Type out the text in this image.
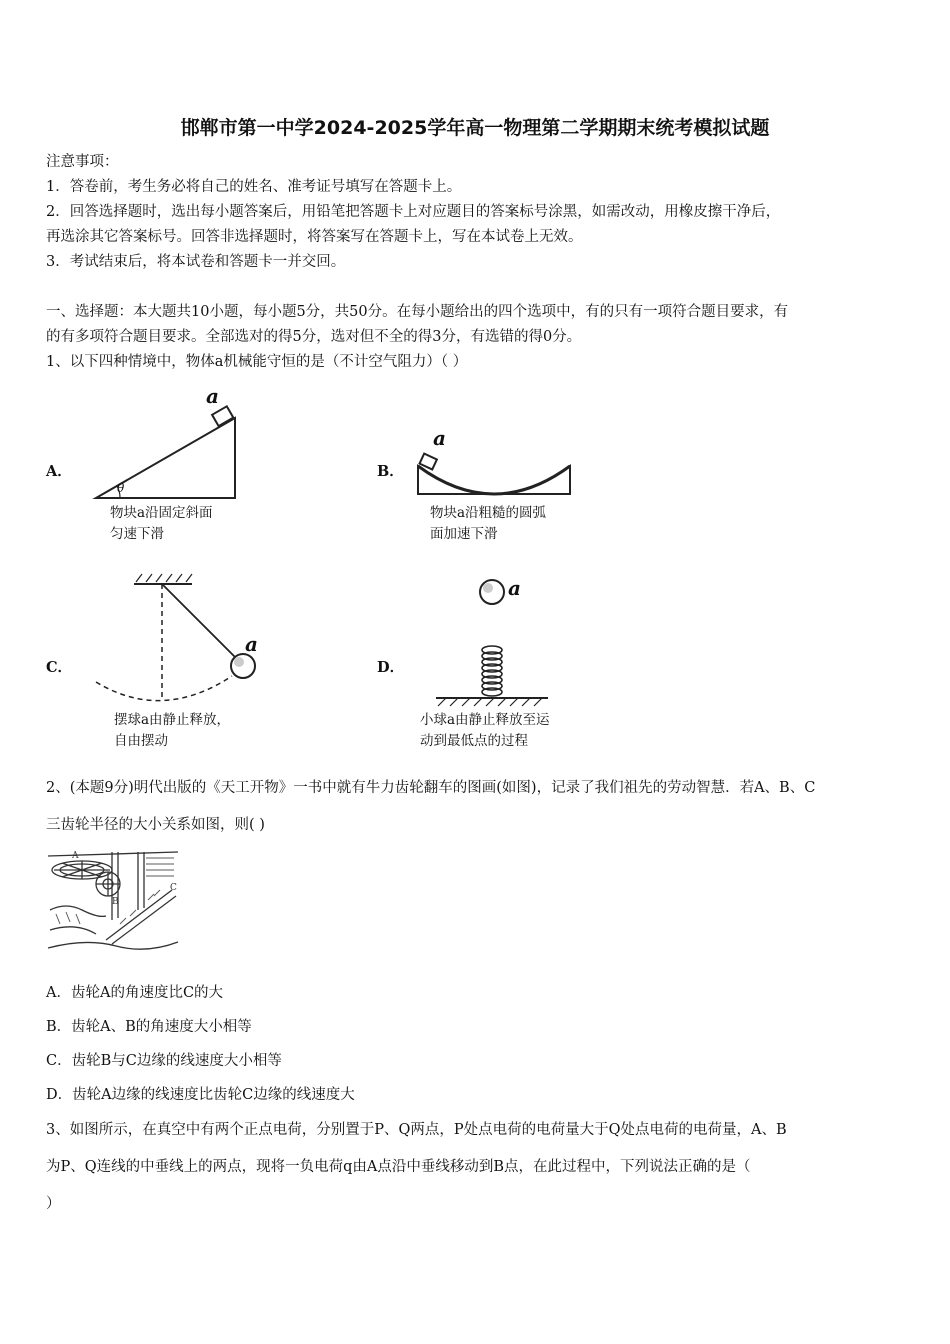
邯郸市第一中学2024-2025学年高一物理第二学期期末统考模拟试题
注意事项：
1．答卷前，考生务必将自己的姓名、准考证号填写在答题卡上。
2．回答选择题时，选出每小题答案后，用铅笔把答题卡上对应题目的答案标号涂黑，如需改动，用橡皮擦干净后，
再选涂其它答案标号。回答非选择题时，将答案写在答题卡上，写在本试卷上无效。
3．考试结束后，将本试卷和答题卡一并交回。
一、选择题：本大题共10小题，每小题5分，共50分。在每小题给出的四个选项中，有的只有一项符合题目要求，有
的有多项符合题目要求。全部选对的得5分，选对但不全的得3分，有选错的得0分。
1、以下四种情境中，物体a机械能守恒的是（不计空气阻力）（ ）
A．
θ
a
物块a沿固定斜面
匀速下滑
B．
a
物块a沿粗糙的圆弧
面加速下滑
C．
a
摆球a由静止释放，
自由摆动
D．
a
小球a由静止释放至运
动到最低点的过程
2、(本题9分)明代出版的《天工开物》一书中就有牛力齿轮翻车的图画(如图)，记录了我们祖先的劳动智慧．若A、B、C
三齿轮半径的大小关系如图，则( )
A
B
C
A．齿轮A的角速度比C的大
B．齿轮A、B的角速度大小相等
C．齿轮B与C边缘的线速度大小相等
D．齿轮A边缘的线速度比齿轮C边缘的线速度大
3、如图所示，在真空中有两个正点电荷，分别置于P、Q两点，P处点电荷的电荷量大于Q处点电荷的电荷量，A、B
为P、Q连线的中垂线上的两点，现将一负电荷q由A点沿中垂线移动到B点，在此过程中，下列说法正确的是（
）
